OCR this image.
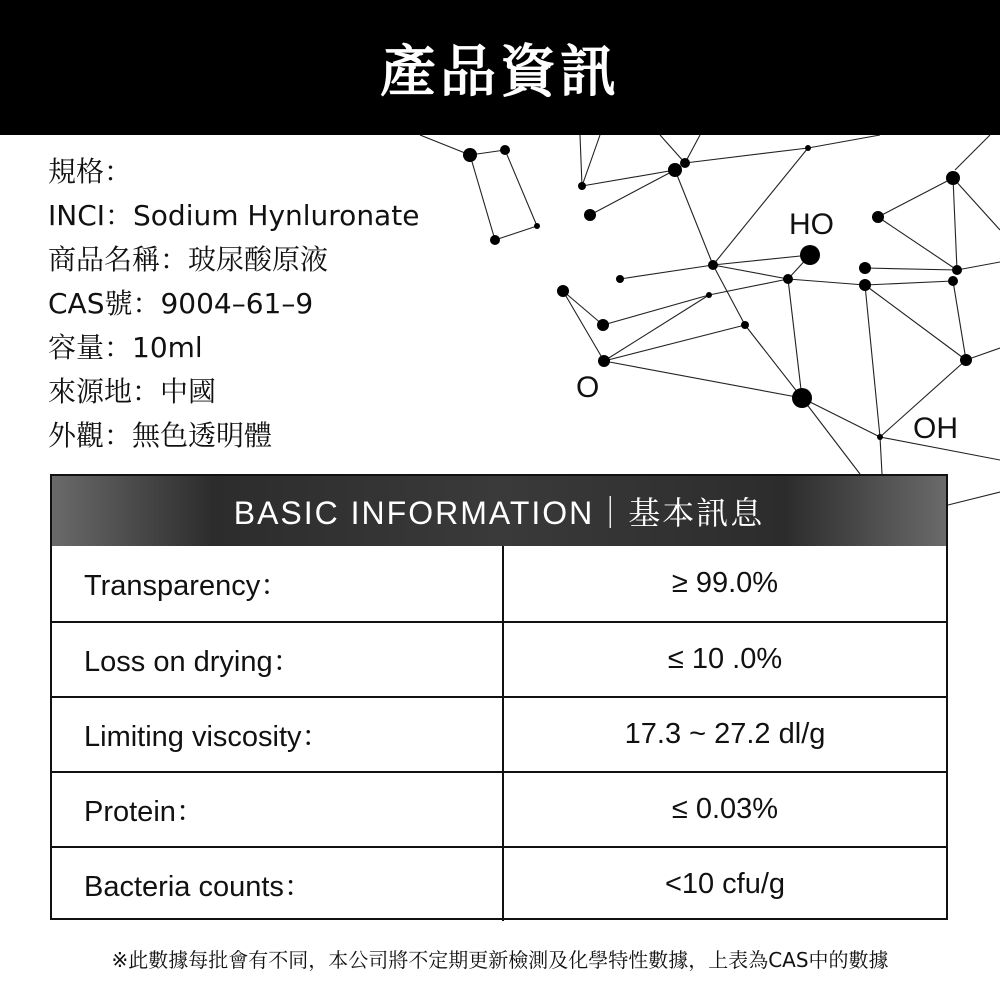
HO
O
OH
產品資訊
規格：
INCI：Sodium Hynluronate
商品名稱：玻尿酸原液
CAS號：9004–61–9
容量：10ml
來源地：中國
外觀：無色透明體
BASIC INFORMATION｜基本訊息
Transparency：	≥ 99.0%
Loss on drying：	≤ 10 .0%
Limiting viscosity：	17.3 ~ 27.2 dl/g
Protein：	≤ 0.03%
Bacteria counts：	<10 cfu/g
※此數據每批會有不同，本公司將不定期更新檢測及化學特性數據，上表為CAS中的數據
